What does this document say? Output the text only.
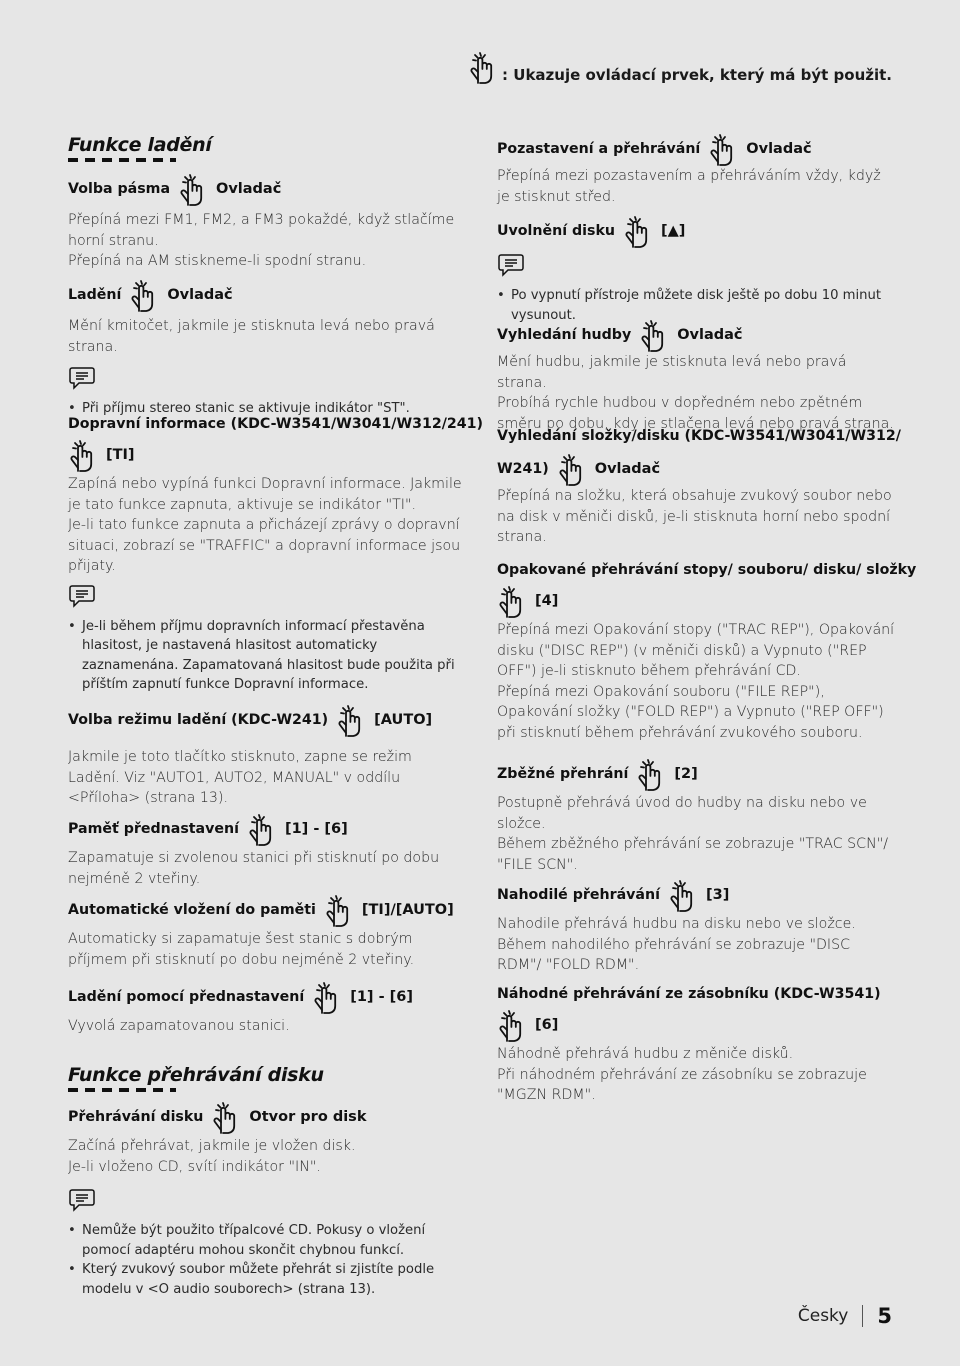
: Ukazuje ovládací prvek, který má být použit.
Funkce ladění
Volba pásma	Ovladač
Přepíná mezi FM1, FM2, a FM3 pokaždé, když stlačíme horní stranu.
Přepíná na AM stiskneme-li spodní stranu.
Ladění	Ovladač
Mění kmitočet, jakmile je stisknuta levá nebo pravá strana.
• Při příjmu stereo stanic se aktivuje indikátor "ST".
Dopravní informace (KDC-W3541/W3041/W312/241)
[TI]
Zapíná nebo vypíná funkci Dopravní informace. Jakmile je tato funkce zapnuta, aktivuje se indikátor "TI".
Je-li tato funkce zapnuta a přicházejí zprávy o dopravní situaci, zobrazí se "TRAFFIC" a dopravní informace jsou přijaty.
• Je-li během příjmu dopravních informací přestavěna hlasitost, je nastavená hlasitost automaticky zaznamenána. Zapamatovaná hlasitost bude použita při příštím zapnutí funkce Dopravní informace.
Volba režimu ladění (KDC-W241)	[AUTO]
Jakmile je toto tlačítko stisknuto, zapne se režim Ladění. Viz "AUTO1, AUTO2, MANUAL" v oddílu <Příloha> (strana 13).
Paměť přednastavení	[1] - [6]
Zapamatuje si zvolenou stanici při stisknutí po dobu nejméně 2 vteřiny.
Automatické vložení do paměti	[TI]/[AUTO]
Automaticky si zapamatuje šest stanic s dobrým příjmem při stisknutí po dobu nejméně 2 vteřiny.
Ladění pomocí přednastavení	[1] - [6]
Vyvolá zapamatovanou stanici.
Funkce přehrávání disku
Přehrávání disku	Otvor pro disk
Začíná přehrávat, jakmile je vložen disk.
Je-li vloženo CD, svítí indikátor "IN".
• Nemůže být použito třípalcové CD. Pokusy o vložení pomocí adaptéru mohou skončit chybnou funkcí.
• Který zvukový soubor můžete přehrát si zjistíte podle modelu v <O audio souborech> (strana 13).
Pozastavení a přehrávání	Ovladač
Přepíná mezi pozastavením a přehráváním vždy, když je stisknut střed.
Uvolnění disku	[▲]
• Po vypnutí přístroje můžete disk ještě po dobu 10 minut vysunout.
Vyhledání hudby	Ovladač
Mění hudbu, jakmile je stisknuta levá nebo pravá strana.
Probíhá rychle hudbou v dopředném nebo zpětném směru po dobu, kdy je stlačena levá nebo pravá strana.
Vyhledání složky/disku (KDC-W3541/W3041/W312/
W241)	Ovladač
Přepíná na složku, která obsahuje zvukový soubor nebo na disk v měniči disků, je-li stisknuta horní nebo spodní strana.
Opakované přehrávání stopy/ souboru/ disku/ složky
[4]
Přepíná mezi Opakování stopy ("TRAC REP"), Opakování disku ("DISC REP") (v měniči disků) a Vypnuto ("REP OFF") je-li stisknuto během přehrávání CD.
Přepíná mezi Opakování souboru ("FILE REP"), Opakování složky ("FOLD REP") a Vypnuto ("REP OFF") při stisknutí během přehrávání zvukového souboru.
Zběžné přehrání	[2]
Postupně přehrává úvod do hudby na disku nebo ve složce.
Během zběžného přehrávání se zobrazuje "TRAC SCN"/ "FILE SCN".
Nahodilé přehrávání	[3]
Nahodile přehrává hudbu na disku nebo ve složce.
Během nahodilého přehrávání se zobrazuje "DISC RDM"/ "FOLD RDM".
Náhodné přehrávání ze zásobníku (KDC-W3541)
[6]
Náhodně přehrává hudbu z měniče disků.
Při náhodném přehrávání ze zásobníku se zobrazuje "MGZN RDM".
Česky 5
